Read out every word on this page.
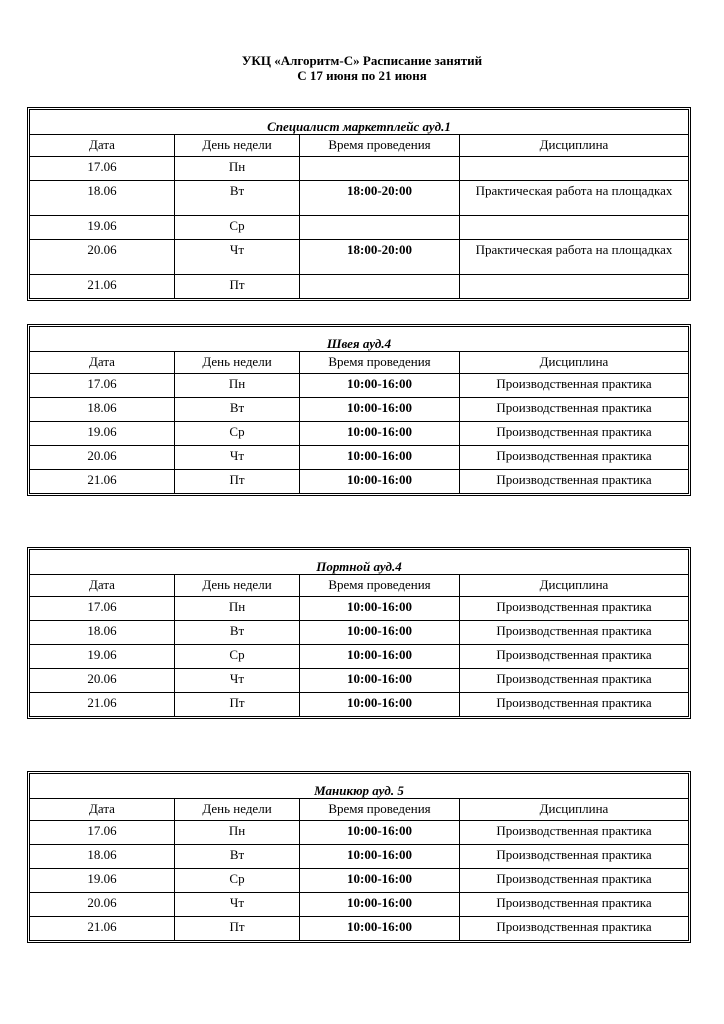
УКЦ «Алгоритм-С» Расписание занятий
С 17 июня по 21 июня
Специалист маркетплейс ауд.1			
Дата	День недели	Время проведения	Дисциплина
17.06	Пн		
18.06	Вт	18:00-20:00	Практическая работа на площадках
19.06	Ср		
20.06	Чт	18:00-20:00	Практическая работа на площадках
21.06	Пт		
Швея ауд.4			
Дата	День недели	Время проведения	Дисциплина
17.06	Пн	10:00-16:00	Производственная практика
18.06	Вт	10:00-16:00	Производственная практика
19.06	Ср	10:00-16:00	Производственная практика
20.06	Чт	10:00-16:00	Производственная практика
21.06	Пт	10:00-16:00	Производственная практика
Портной ауд.4			
Дата	День недели	Время проведения	Дисциплина
17.06	Пн	10:00-16:00	Производственная практика
18.06	Вт	10:00-16:00	Производственная практика
19.06	Ср	10:00-16:00	Производственная практика
20.06	Чт	10:00-16:00	Производственная практика
21.06	Пт	10:00-16:00	Производственная практика
Маникюр ауд. 5			
Дата	День недели	Время проведения	Дисциплина
17.06	Пн	10:00-16:00	Производственная практика
18.06	Вт	10:00-16:00	Производственная практика
19.06	Ср	10:00-16:00	Производственная практика
20.06	Чт	10:00-16:00	Производственная практика
21.06	Пт	10:00-16:00	Производственная практика
